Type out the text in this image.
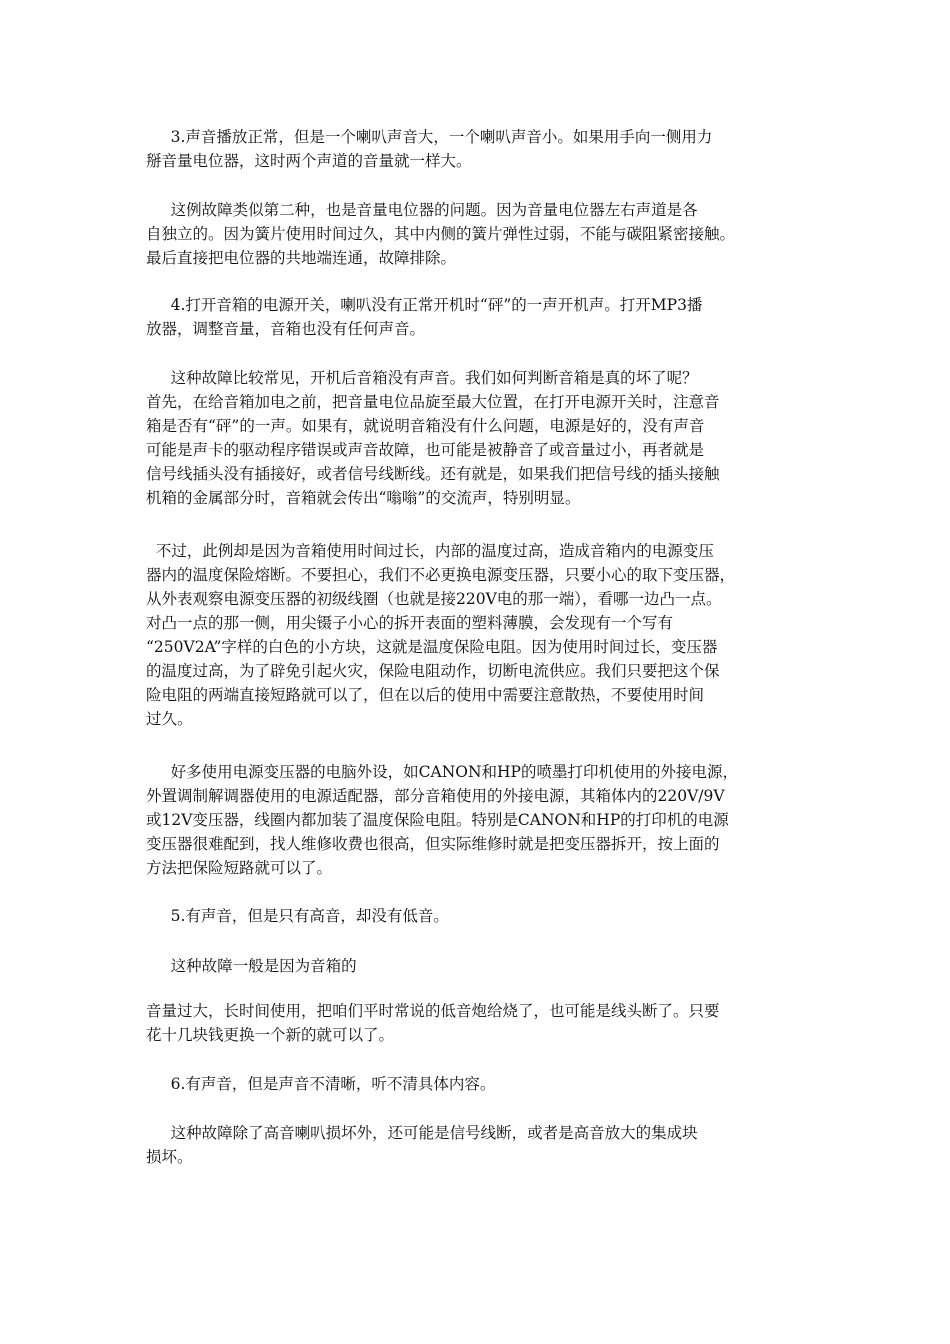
3.声音播放正常，但是一个喇叭声音大，一个喇叭声音小。如果用手向一侧用力
掰音量电位器，这时两个声道的音量就一样大。
这例故障类似第二种，也是音量电位器的问题。因为音量电位器左右声道是各
自独立的。因为簧片使用时间过久，其中内侧的簧片弹性过弱，不能与碳阻紧密接触。
最后直接把电位器的共地端连通，故障排除。
4.打开音箱的电源开关，喇叭没有正常开机时“砰”的一声开机声。打开MP3播
放器，调整音量，音箱也没有任何声音。
这种故障比较常见，开机后音箱没有声音。我们如何判断音箱是真的坏了呢？
首先，在给音箱加电之前，把音量电位品旋至最大位置，在打开电源开关时，注意音
箱是否有“砰”的一声。如果有，就说明音箱没有什么问题，电源是好的，没有声音
可能是声卡的驱动程序错误或声音故障，也可能是被静音了或音量过小，再者就是
信号线插头没有插接好，或者信号线断线。还有就是，如果我们把信号线的插头接触
机箱的金属部分时，音箱就会传出“嗡嗡”的交流声，特别明显。
不过，此例却是因为音箱使用时间过长，内部的温度过高，造成音箱内的电源变压
器内的温度保险熔断。不要担心，我们不必更换电源变压器，只要小心的取下变压器，
从外表观察电源变压器的初级线圈（也就是接220V电的那一端），看哪一边凸一点。
对凸一点的那一侧，用尖镊子小心的拆开表面的塑料薄膜，会发现有一个写有
“250V2A”字样的白色的小方块，这就是温度保险电阻。因为使用时间过长，变压器
的温度过高，为了辟免引起火灾，保险电阻动作，切断电流供应。我们只要把这个保
险电阻的两端直接短路就可以了，但在以后的使用中需要注意散热，不要使用时间
过久。
好多使用电源变压器的电脑外设，如CANON和HP的喷墨打印机使用的外接电源，
外置调制解调器使用的电源适配器，部分音箱使用的外接电源，其箱体内的220V/9V
或12V变压器，线圈内都加装了温度保险电阻。特别是CANON和HP的打印机的电源
变压器很难配到，找人维修收费也很高，但实际维修时就是把变压器拆开，按上面的
方法把保险短路就可以了。
5.有声音，但是只有高音，却没有低音。
这种故障一般是因为音箱的
音量过大，长时间使用，把咱们平时常说的低音炮给烧了，也可能是线头断了。只要
花十几块钱更换一个新的就可以了。
6.有声音，但是声音不清晰，听不清具体内容。
这种故障除了高音喇叭损坏外，还可能是信号线断，或者是高音放大的集成块
损坏。
